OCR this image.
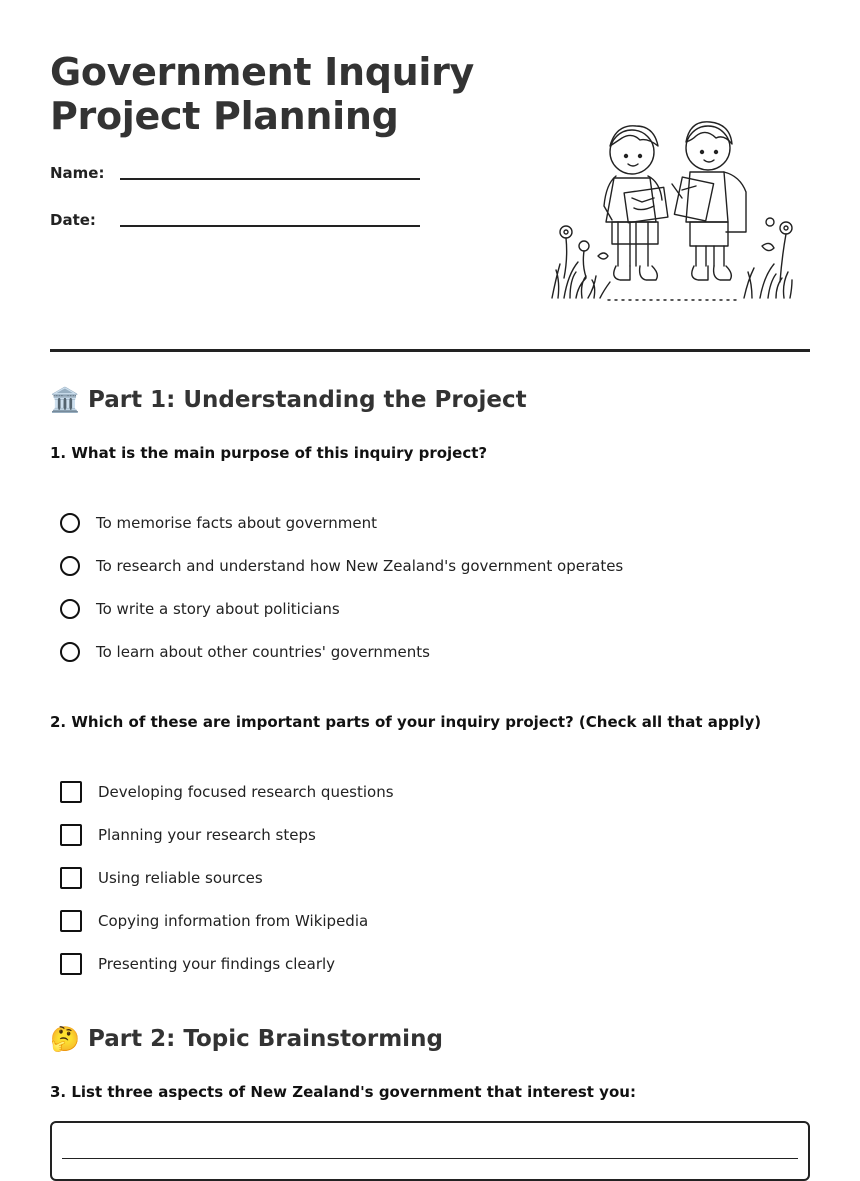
Government Inquiry
Project Planning
Name:
Date:
🏛️ Part 1: Understanding the Project

1. What is the main purpose of this inquiry project?

To memorise facts about government
To research and understand how New Zealand's government operates
To write a story about politicians
To learn about other countries' governments

2. Which of these are important parts of your inquiry project? (Check all that apply)

Developing focused research questions
Planning your research steps
Using reliable sources
Copying information from Wikipedia
Presenting your findings clearly
🤔 Part 2: Topic Brainstorming

3. List three aspects of New Zealand's government that interest you:
